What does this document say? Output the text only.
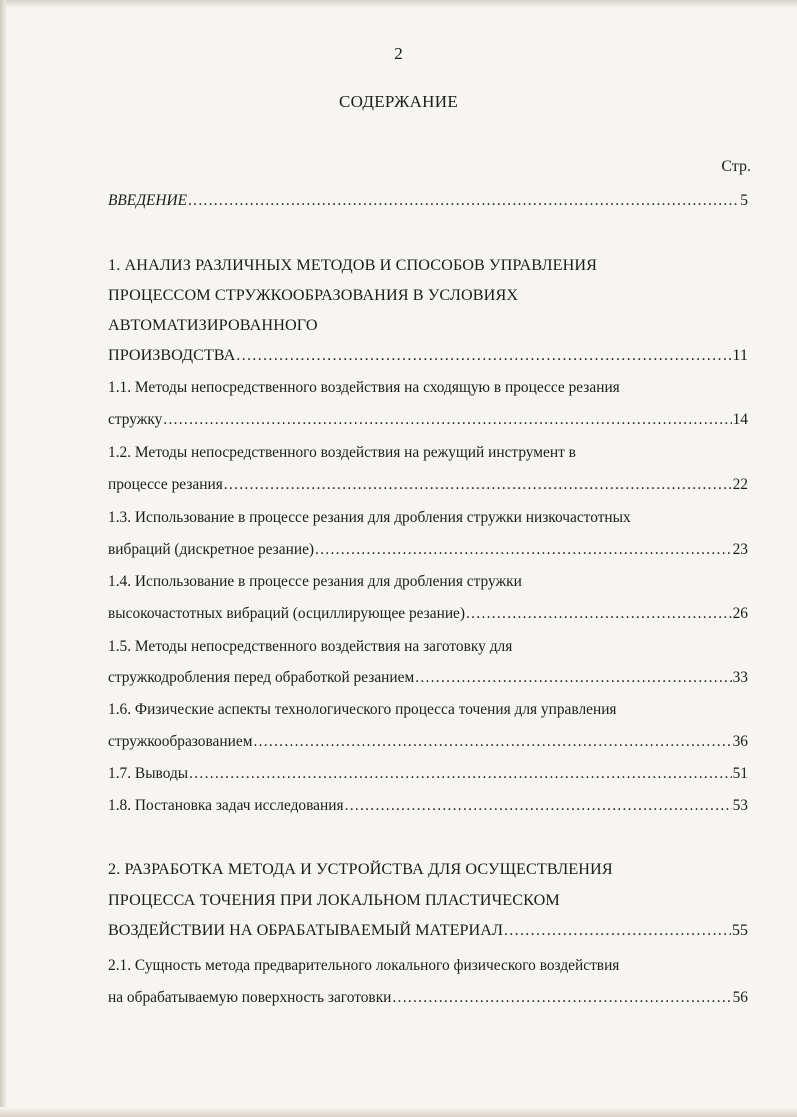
2
СОДЕРЖАНИЕ
Стр.
ВВЕДЕНИЕ .....	5
1. АНАЛИЗ РАЗЛИЧНЫХ МЕТОДОВ И СПОСОБОВ УПРАВЛЕНИЯ
ПРОЦЕССОМ СТРУЖКООБРАЗОВАНИЯ В УСЛОВИЯХ
АВТОМАТИЗИРОВАННОГО
ПРОИЗВОДСТВА .....	11
1.1. Методы непосредственного воздействия на сходящую в процессе резания
стружку .....	14
1.2. Методы непосредственного воздействия на режущий инструмент в
процессе резания .....	22
1.3. Использование в процессе резания для дробления стружки низкочастотных
вибраций (дискретное резание) .....	23
1.4. Использование в процессе резания для дробления стружки
высокочастотных вибраций (осциллирующее резание) .....	26
1.5. Методы непосредственного воздействия на заготовку для
стружкодробления перед обработкой резанием .....	33
1.6. Физические аспекты технологического процесса точения для управления
стружкообразованием .....	36
1.7. Выводы .....	51
1.8. Постановка задач исследования .....	53
2. РАЗРАБОТКА МЕТОДА И УСТРОЙСТВА ДЛЯ ОСУЩЕСТВЛЕНИЯ
ПРОЦЕССА ТОЧЕНИЯ ПРИ ЛОКАЛЬНОМ ПЛАСТИЧЕСКОМ
ВОЗДЕЙСТВИИ НА ОБРАБАТЫВАЕМЫЙ МАТЕРИАЛ .....	55
2.1. Сущность метода предварительного локального физического воздействия
на обрабатываемую поверхность заготовки .....	56
